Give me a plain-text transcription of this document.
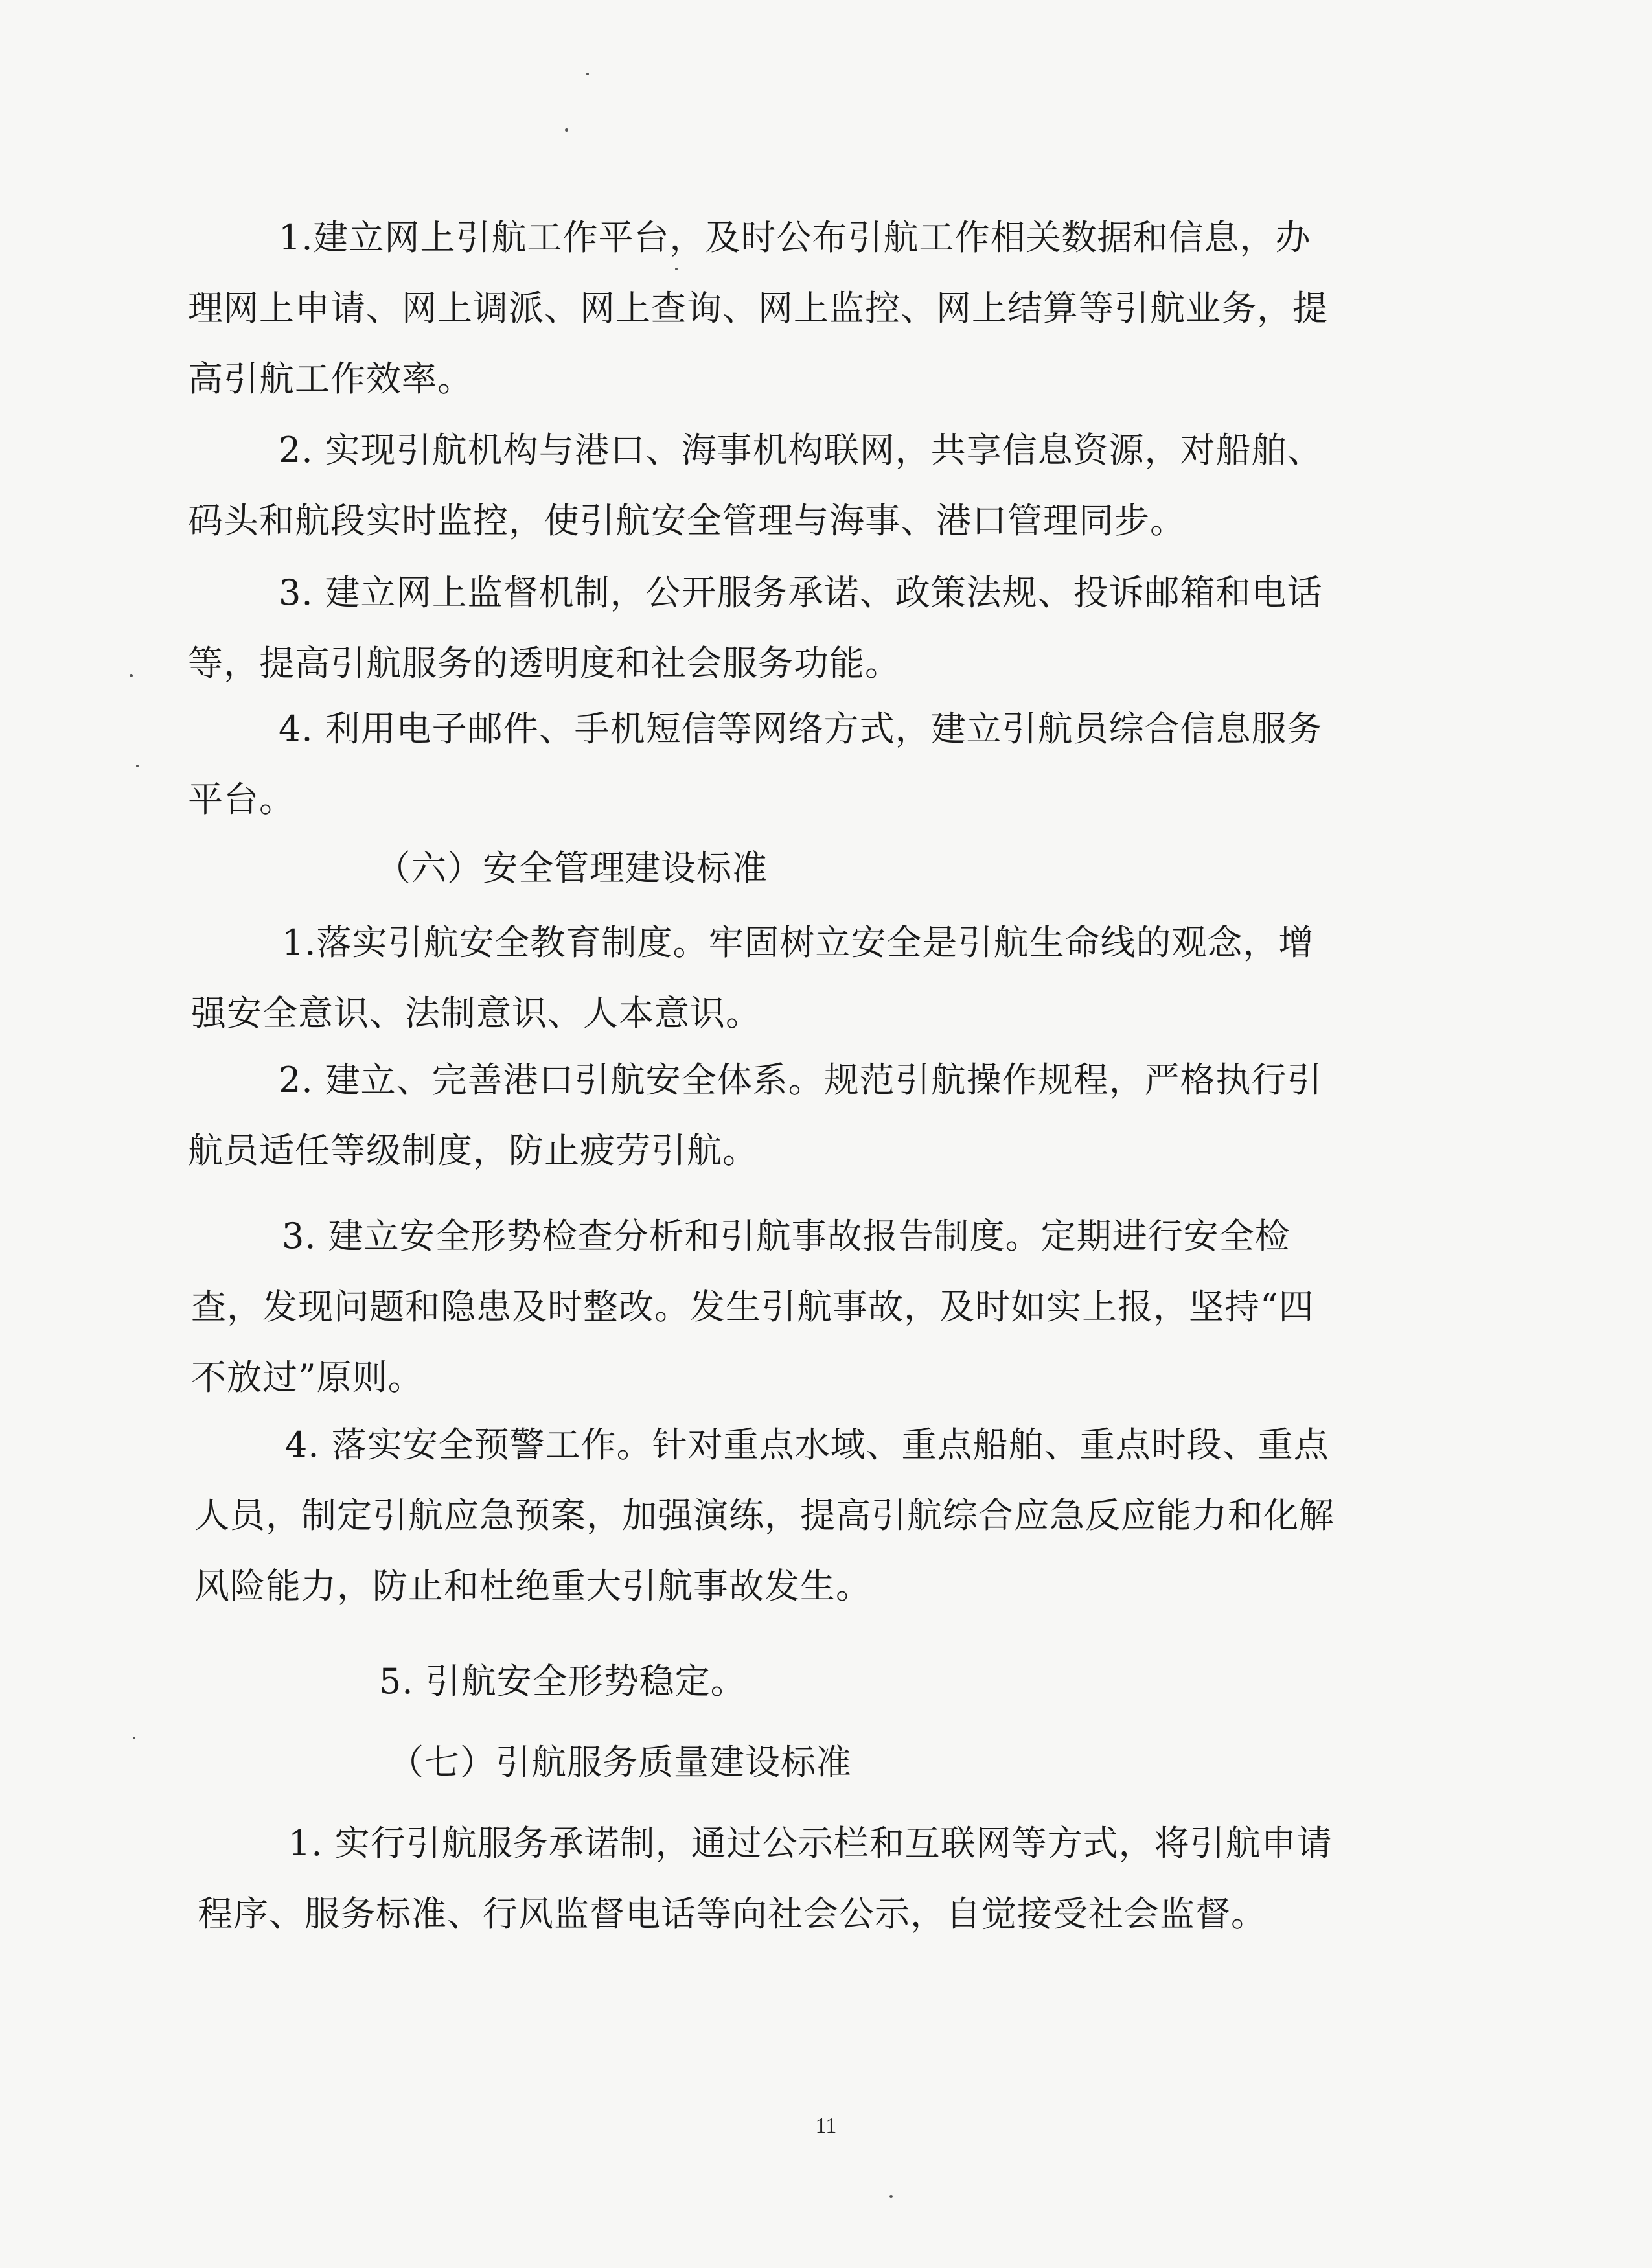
1.建立网上引航工作平台，及时公布引航工作相关数据和信息，办理网上申请、网上调派、网上查询、网上监控、网上结算等引航业务，提高引航工作效率。
2. 实现引航机构与港口、海事机构联网，共享信息资源，对船舶、码头和航段实时监控，使引航安全管理与海事、港口管理同步。
3. 建立网上监督机制，公开服务承诺、政策法规、投诉邮箱和电话等，提高引航服务的透明度和社会服务功能。
4. 利用电子邮件、手机短信等网络方式，建立引航员综合信息服务平台。
（六）安全管理建设标准
1.落实引航安全教育制度。牢固树立安全是引航生命线的观念，增强安全意识、法制意识、人本意识。
2. 建立、完善港口引航安全体系。规范引航操作规程，严格执行引航员适任等级制度，防止疲劳引航。
3. 建立安全形势检查分析和引航事故报告制度。定期进行安全检查，发现问题和隐患及时整改。发生引航事故，及时如实上报，坚持“四不放过”原则。
4. 落实安全预警工作。针对重点水域、重点船舶、重点时段、重点人员，制定引航应急预案，加强演练，提高引航综合应急反应能力和化解风险能力，防止和杜绝重大引航事故发生。
5. 引航安全形势稳定。
（七）引航服务质量建设标准
1. 实行引航服务承诺制，通过公示栏和互联网等方式，将引航申请程序、服务标准、行风监督电话等向社会公示，自觉接受社会监督。
11
